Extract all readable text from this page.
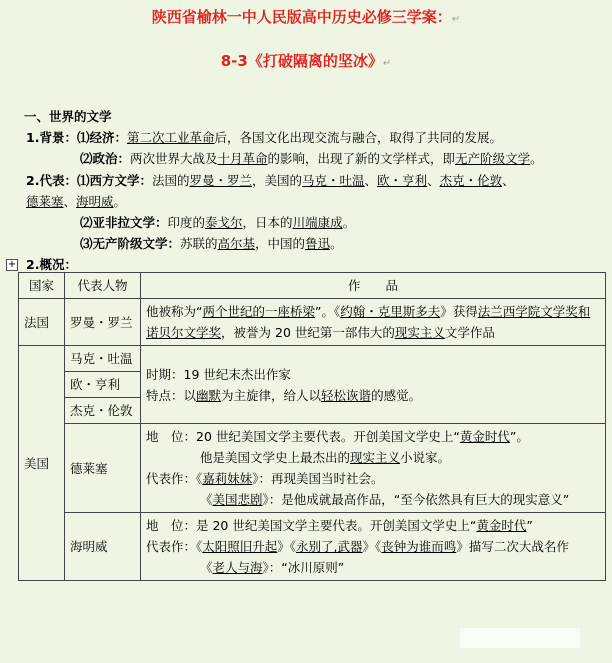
陕西省榆林一中人民版高中历史必修三学案：↵
8-3《打破隔离的坚冰》↵
一、世界的文学
1.背景：⑴经济：第二次工业革命后，各国文化出现交流与融合，取得了共同的发展。
⑵政治：两次世界大战及十月革命的影响，出现了新的文学样式，即无产阶级文学。
2.代表：⑴西方文学：法国的罗曼・罗兰，美国的马克・吐温、欧・亨利、杰克・伦敦、
德莱塞、海明威。
⑵亚非拉文学：印度的泰戈尔，日本的川端康成。
⑶无产阶级文学：苏联的高尔基，中国的鲁迅。
+ 2.概况：
国家	代表人物	作　　品
法国	罗曼・罗兰	他被称为“两个世纪的一座桥梁”。《约翰・克里斯多夫》获得法兰西学院文学奖和诺贝尔文学奖，被誉为 20 世纪第一部伟大的现实主义文学作品
美国	马克・吐温	时期：19 世纪末杰出作家
特点：以幽默为主旋律，给人以轻松诙谐的感觉。

	欧・亨利	
	杰克・伦敦	
	德莱塞	地　位：20 世纪美国文学主要代表。开创美国文学史上“黄金时代”。
他是美国文学史上最杰出的现实主义小说家。
代表作：《嘉莉妹妹》：再现美国当时社会。
《美国悲剧》：是他成就最高作品，“至今依然具有巨大的现实意义”

	海明威	地　位：是 20 世纪美国文学主要代表。开创美国文学史上“黄金时代”
代表作：《太阳照旧升起》《永别了,武器》《丧钟为谁而鸣》描写二次大战名作
《老人与海》：“冰川原则”
